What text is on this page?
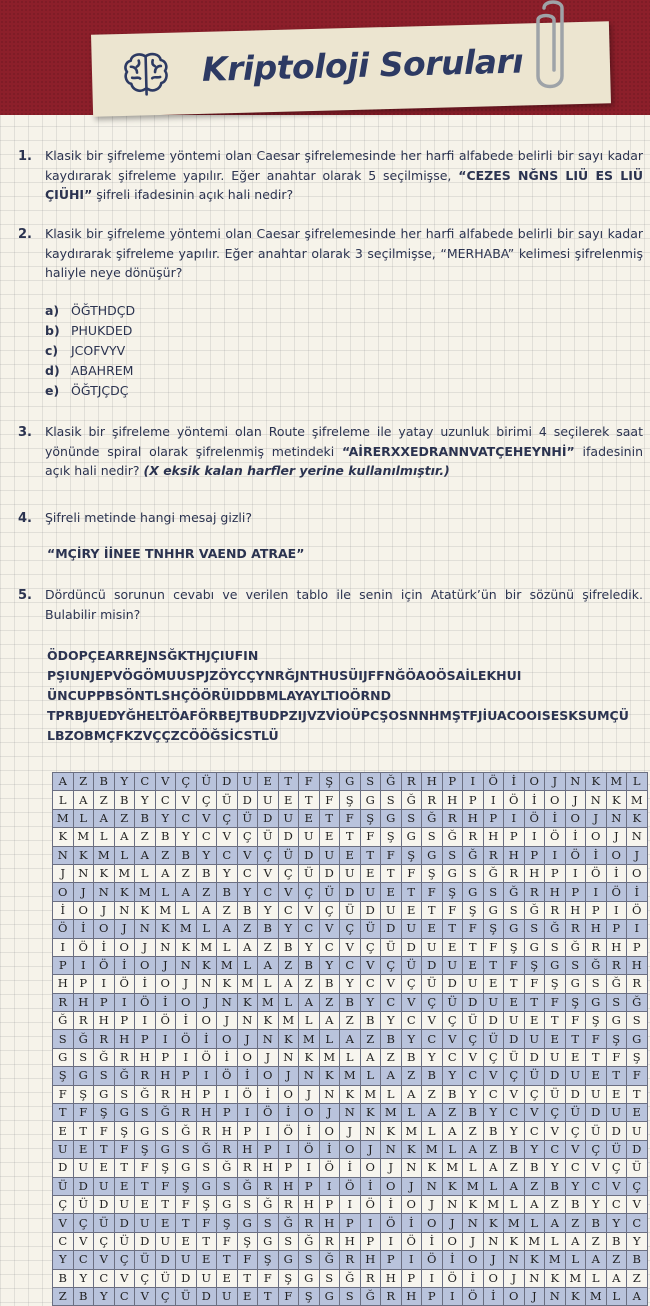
Kriptoloji Soruları
1. Klasik bir şifreleme yöntemi olan Caesar şifrelemesinde her harfi alfabede belirli bir sayı kadar kaydırarak şifreleme yapılır. Eğer anahtar olarak 5 seçilmişse, “CEZES NĞNS LIÜ ES LIÜ ÇIÜHI” şifreli ifadesinin açık hali nedir?
2. Klasik bir şifreleme yöntemi olan Caesar şifrelemesinde her harfi alfabede belirli bir sayı kadar kaydırarak şifreleme yapılır. Eğer anahtar olarak 3 seçilmişse, “MERHABA” kelimesi şifrelenmiş haliyle neye dönüşür?
a) ÖĞTHDÇD
b) PHUKDED
c) JCOFVYV
d) ABAHREM
e) ÖĞTJÇDÇ
3. Klasik bir şifreleme yöntemi olan Route şifreleme ile yatay uzunluk birimi 4 seçilerek saat yönünde spiral olarak şifrelenmiş metindeki “AİRERXXEDRANNVATÇEHEYNHİ” ifadesinin açık hali nedir? (X eksik kalan harfler yerine kullanılmıştır.)
4. Şifreli metinde hangi mesaj gizli?
“MÇİRY İİNEE TNHHR VAEND ATRAE”
5. Dördüncü sorunun cevabı ve verilen tablo ile senin için Atatürk’ün bir sözünü şifreledik. Bulabilir misin?
ÖDOPÇEARREJNSĞKTHJÇIUFIN
PŞIUNJEPVÖGÖMUUSPJZÖYCÇYNRĞJNTHUSÜIJFFNĞÖAOÖSAİLEKHUI
ÜNCUPPBSÖNTLSHÇÖÖRÜIDDBMLAYAYLTIOÖRND
TPRBJUEDYĞHELTÖAFÖRBEJTBUDPZIJVZVİOÜPCŞOSNNHMŞTFJİUACOOISESKSUMÇÜ
LBZOBMÇFKZVÇÇZCÖÖĞSİCSTLÜ
A	Z	B	Y	C	V	Ç	Ü	D	U	E	T	F	Ş	G	S	Ğ	R	H	P	I	Ö	İ	O	J	N	K	M	L
L	A	Z	B	Y	C	V	Ç	Ü	D	U	E	T	F	Ş	G	S	Ğ	R	H	P	I	Ö	İ	O	J	N	K	M
M	L	A	Z	B	Y	C	V	Ç	Ü	D	U	E	T	F	Ş	G	S	Ğ	R	H	P	I	Ö	İ	O	J	N	K
K	M	L	A	Z	B	Y	C	V	Ç	Ü	D	U	E	T	F	Ş	G	S	Ğ	R	H	P	I	Ö	İ	O	J	N
N	K	M	L	A	Z	B	Y	C	V	Ç	Ü	D	U	E	T	F	Ş	G	S	Ğ	R	H	P	I	Ö	İ	O	J
J	N	K	M	L	A	Z	B	Y	C	V	Ç	Ü	D	U	E	T	F	Ş	G	S	Ğ	R	H	P	I	Ö	İ	O
O	J	N	K	M	L	A	Z	B	Y	C	V	Ç	Ü	D	U	E	T	F	Ş	G	S	Ğ	R	H	P	I	Ö	İ
İ	O	J	N	K	M	L	A	Z	B	Y	C	V	Ç	Ü	D	U	E	T	F	Ş	G	S	Ğ	R	H	P	I	Ö
Ö	İ	O	J	N	K	M	L	A	Z	B	Y	C	V	Ç	Ü	D	U	E	T	F	Ş	G	S	Ğ	R	H	P	I
I	Ö	İ	O	J	N	K	M	L	A	Z	B	Y	C	V	Ç	Ü	D	U	E	T	F	Ş	G	S	Ğ	R	H	P
P	I	Ö	İ	O	J	N	K	M	L	A	Z	B	Y	C	V	Ç	Ü	D	U	E	T	F	Ş	G	S	Ğ	R	H
H	P	I	Ö	İ	O	J	N	K	M	L	A	Z	B	Y	C	V	Ç	Ü	D	U	E	T	F	Ş	G	S	Ğ	R
R	H	P	I	Ö	İ	O	J	N	K	M	L	A	Z	B	Y	C	V	Ç	Ü	D	U	E	T	F	Ş	G	S	Ğ
Ğ	R	H	P	I	Ö	İ	O	J	N	K	M	L	A	Z	B	Y	C	V	Ç	Ü	D	U	E	T	F	Ş	G	S
S	Ğ	R	H	P	I	Ö	İ	O	J	N	K	M	L	A	Z	B	Y	C	V	Ç	Ü	D	U	E	T	F	Ş	G
G	S	Ğ	R	H	P	I	Ö	İ	O	J	N	K	M	L	A	Z	B	Y	C	V	Ç	Ü	D	U	E	T	F	Ş
Ş	G	S	Ğ	R	H	P	I	Ö	İ	O	J	N	K	M	L	A	Z	B	Y	C	V	Ç	Ü	D	U	E	T	F
F	Ş	G	S	Ğ	R	H	P	I	Ö	İ	O	J	N	K	M	L	A	Z	B	Y	C	V	Ç	Ü	D	U	E	T
T	F	Ş	G	S	Ğ	R	H	P	I	Ö	İ	O	J	N	K	M	L	A	Z	B	Y	C	V	Ç	Ü	D	U	E
E	T	F	Ş	G	S	Ğ	R	H	P	I	Ö	İ	O	J	N	K	M	L	A	Z	B	Y	C	V	Ç	Ü	D	U
U	E	T	F	Ş	G	S	Ğ	R	H	P	I	Ö	İ	O	J	N	K	M	L	A	Z	B	Y	C	V	Ç	Ü	D
D	U	E	T	F	Ş	G	S	Ğ	R	H	P	I	Ö	İ	O	J	N	K	M	L	A	Z	B	Y	C	V	Ç	Ü
Ü	D	U	E	T	F	Ş	G	S	Ğ	R	H	P	I	Ö	İ	O	J	N	K	M	L	A	Z	B	Y	C	V	Ç
Ç	Ü	D	U	E	T	F	Ş	G	S	Ğ	R	H	P	I	Ö	İ	O	J	N	K	M	L	A	Z	B	Y	C	V
V	Ç	Ü	D	U	E	T	F	Ş	G	S	Ğ	R	H	P	I	Ö	İ	O	J	N	K	M	L	A	Z	B	Y	C
C	V	Ç	Ü	D	U	E	T	F	Ş	G	S	Ğ	R	H	P	I	Ö	İ	O	J	N	K	M	L	A	Z	B	Y
Y	C	V	Ç	Ü	D	U	E	T	F	Ş	G	S	Ğ	R	H	P	I	Ö	İ	O	J	N	K	M	L	A	Z	B
B	Y	C	V	Ç	Ü	D	U	E	T	F	Ş	G	S	Ğ	R	H	P	I	Ö	İ	O	J	N	K	M	L	A	Z
Z	B	Y	C	V	Ç	Ü	D	U	E	T	F	Ş	G	S	Ğ	R	H	P	I	Ö	İ	O	J	N	K	M	L	A
